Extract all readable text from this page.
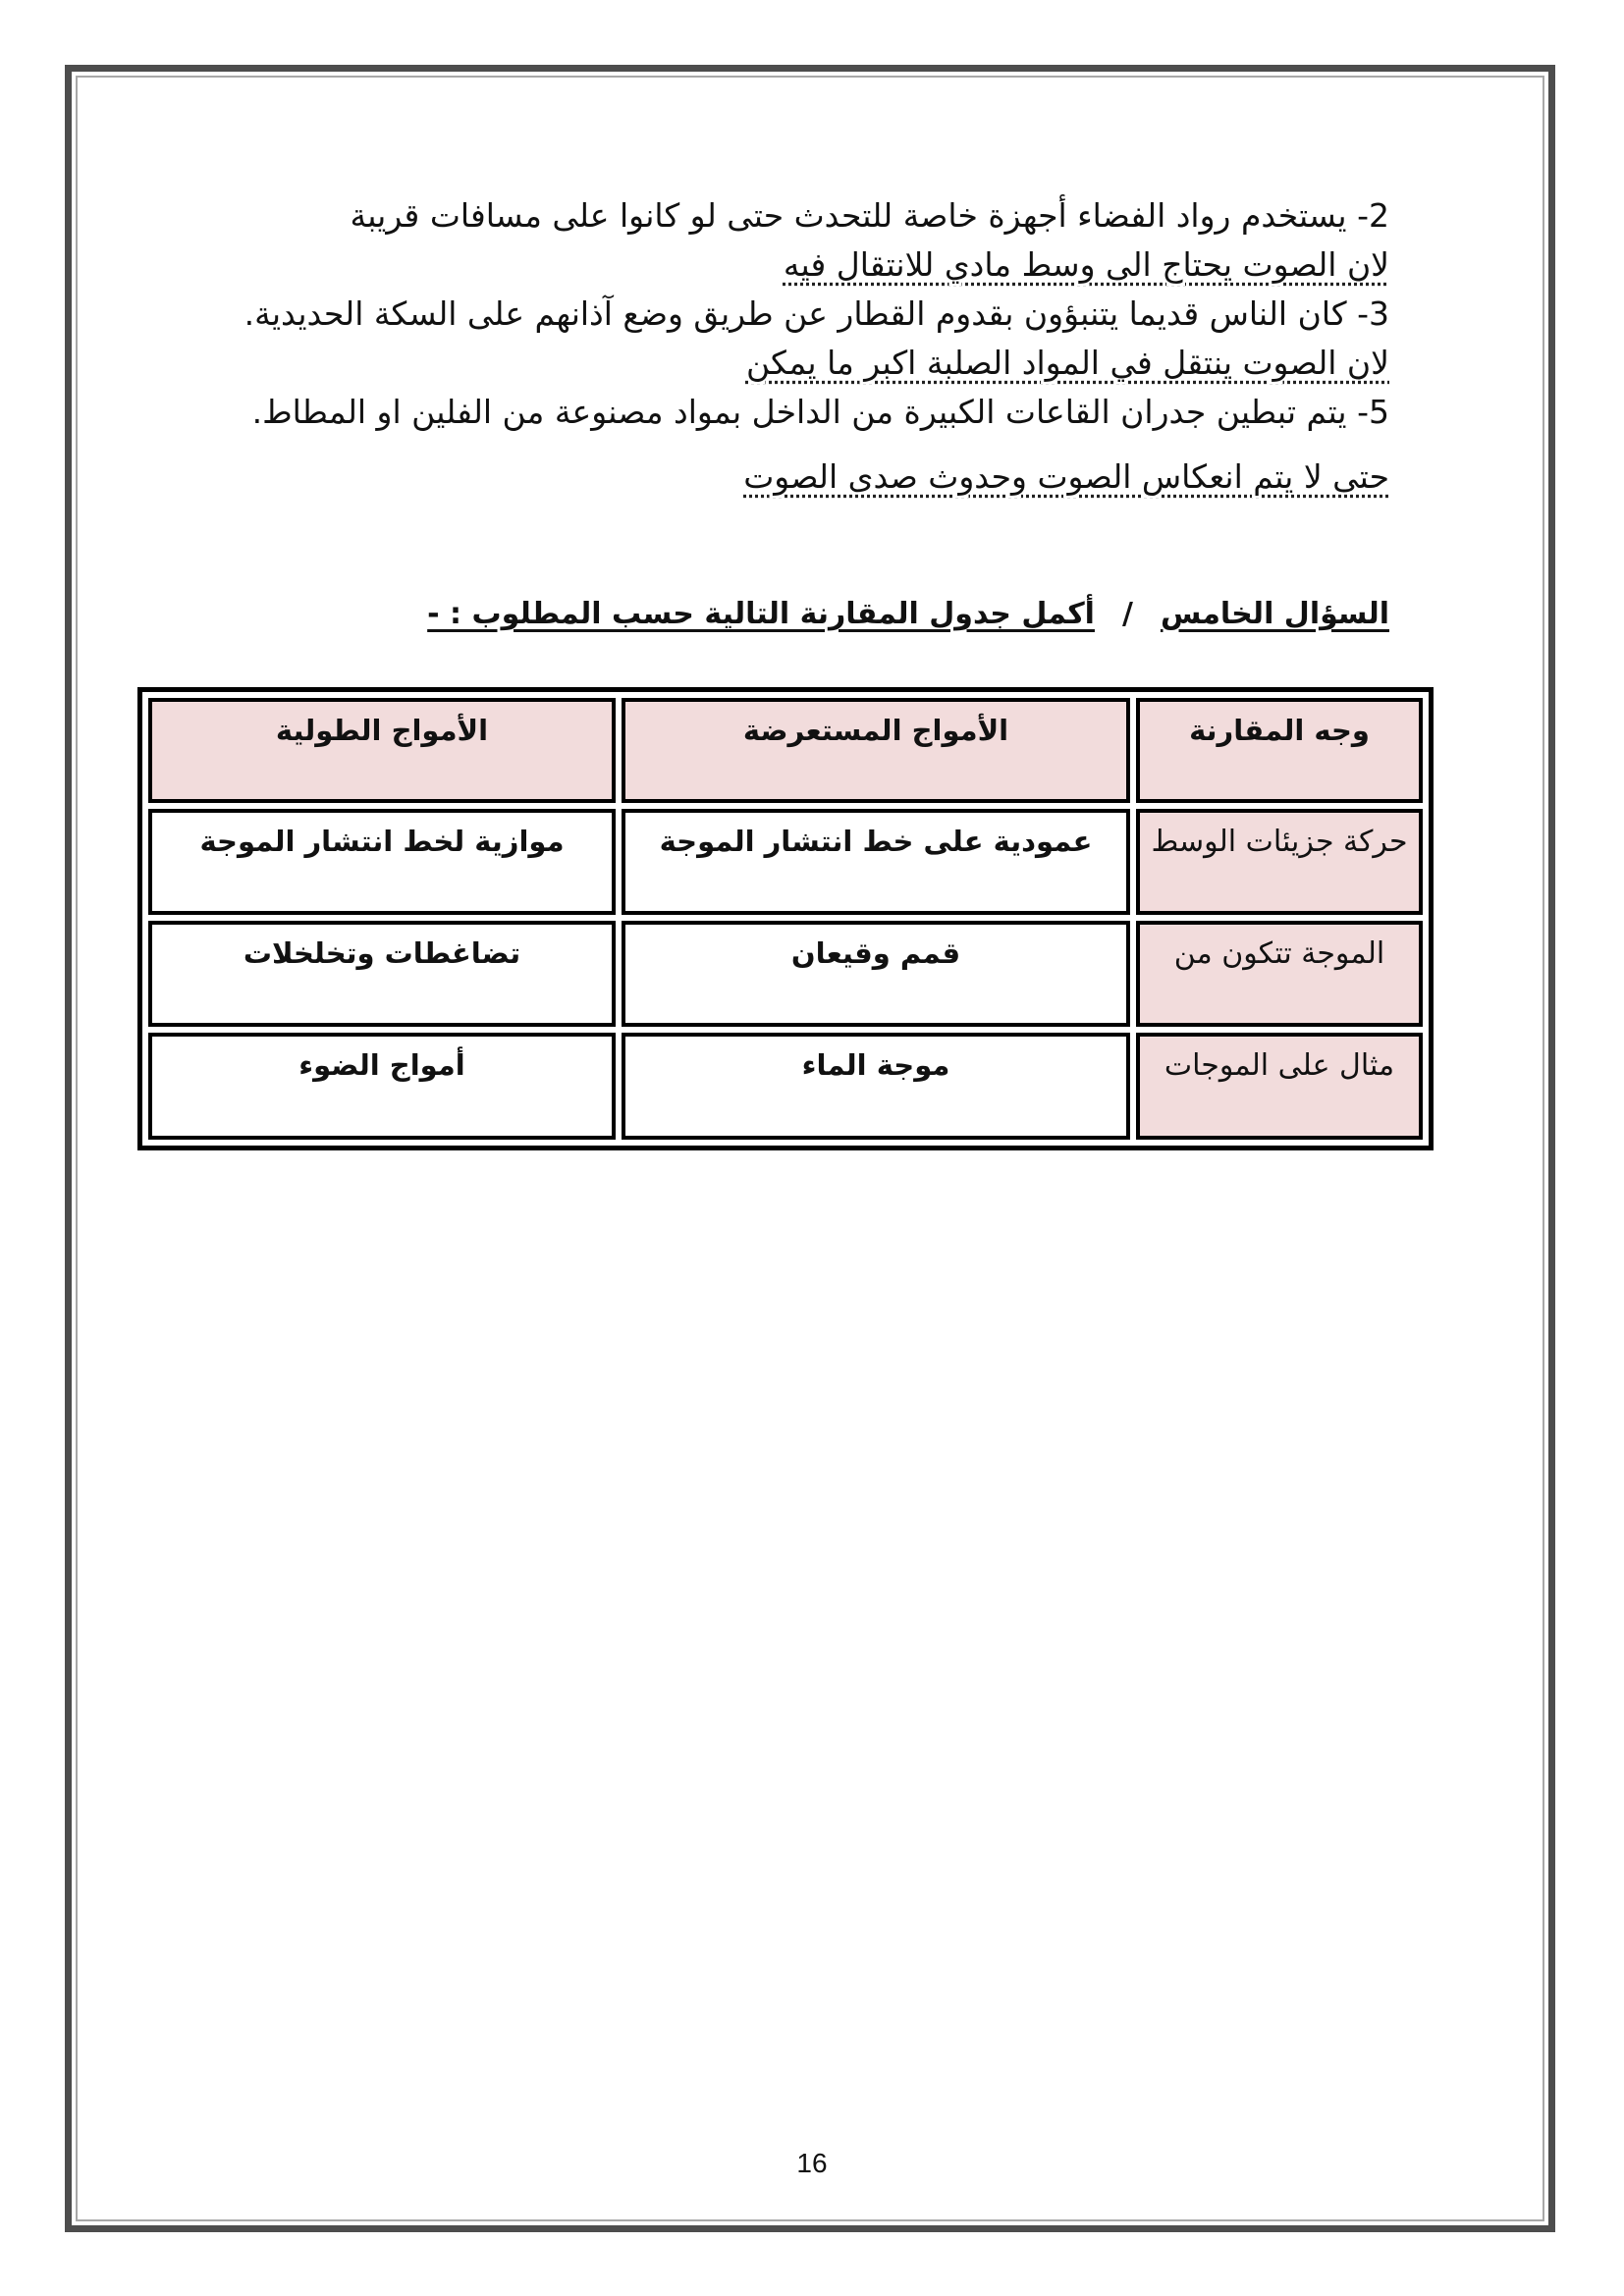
2- يستخدم رواد الفضاء أجهزة خاصة للتحدث حتى لو كانوا على مسافات قريبة
لان الصوت يحتاج الى وسط مادي للانتقال فيه
3- كان الناس قديما يتنبؤون بقدوم القطار عن طريق وضع آذانهم على السكة الحديدية.
لان الصوت ينتقل في المواد الصلبة اكبر ما يمكن
5- يتم تبطين جدران القاعات الكبيرة من الداخل بمواد مصنوعة من الفلين او المطاط.
حتى لا يتم انعكاس الصوت وحدوث صدى الصوت
السؤال الخامس/أكمل جدول المقارنة التالية حسب المطلوب : -
وجه المقارنة	الأمواج المستعرضة	الأمواج الطولية
حركة جزيئات الوسط	عمودية على خط انتشار الموجة	موازية لخط انتشار الموجة
الموجة تتكون من	قمم وقيعان	تضاغطات وتخلخلات
مثال على الموجات	موجة الماء	أمواج الضوء
16
